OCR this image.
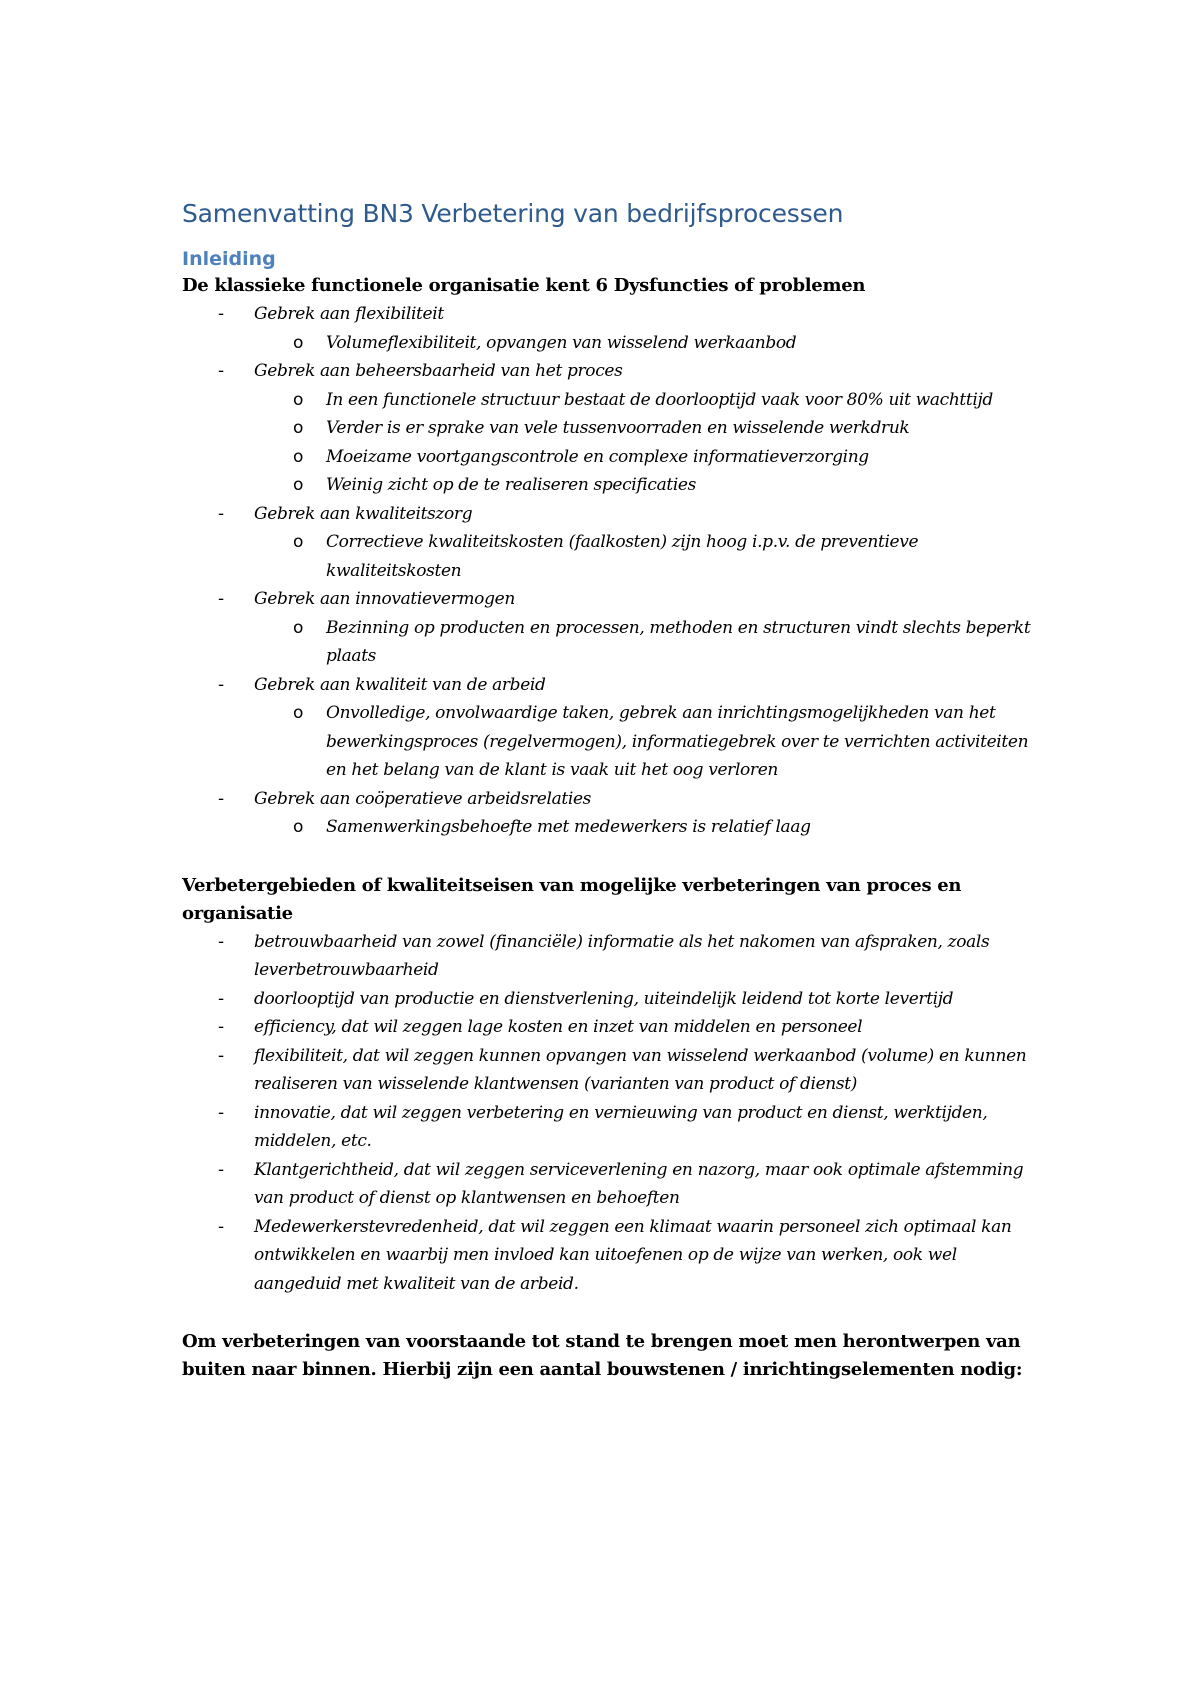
Samenvatting BN3 Verbetering van bedrijfsprocessen
Inleiding

De klassieke functionele organisatie kent 6 Dysfuncties of problemen

- Gebrek aan flexibiliteit
o Volumeflexibiliteit, opvangen van wisselend werkaanbod
- Gebrek aan beheersbaarheid van het proces
o In een functionele structuur bestaat de doorlooptijd vaak voor 80% uit wachttijd
o Verder is er sprake van vele tussenvoorraden en wisselende werkdruk
o Moeizame voortgangscontrole en complexe informatieverzorging
o Weinig zicht op de te realiseren specificaties
- Gebrek aan kwaliteitszorg
o Correctieve kwaliteitskosten (faalkosten) zijn hoog i.p.v. de preventieve kwaliteitskosten
- Gebrek aan innovatievermogen
o Bezinning op producten en processen, methoden en structuren vindt slechts beperkt plaats
- Gebrek aan kwaliteit van de arbeid
o Onvolledige, onvolwaardige taken, gebrek aan inrichtingsmogelijkheden van het bewerkingsproces (regelvermogen), informatiegebrek over te verrichten activiteiten en het belang van de klant is vaak uit het oog verloren
- Gebrek aan coöperatieve arbeidsrelaties
o Samenwerkingsbehoefte met medewerkers is relatief laag

Verbetergebieden of kwaliteitseisen van mogelijke verbeteringen van proces en organisatie

- betrouwbaarheid van zowel (financiële) informatie als het nakomen van afspraken, zoals leverbetrouwbaarheid
- doorlooptijd van productie en dienstverlening, uiteindelijk leidend tot korte levertijd
- efficiency, dat wil zeggen lage kosten en inzet van middelen en personeel
- flexibiliteit, dat wil zeggen kunnen opvangen van wisselend werkaanbod (volume) en kunnen realiseren van wisselende klantwensen (varianten van product of dienst)
- innovatie, dat wil zeggen verbetering en vernieuwing van product en dienst, werktijden, middelen, etc.
- Klantgerichtheid, dat wil zeggen serviceverlening en nazorg, maar ook optimale afstemming van product of dienst op klantwensen en behoeften
- Medewerkerstevredenheid, dat wil zeggen een klimaat waarin personeel zich optimaal kan ontwikkelen en waarbij men invloed kan uitoefenen op de wijze van werken, ook wel aangeduid met kwaliteit van de arbeid.

Om verbeteringen van voorstaande tot stand te brengen moet men herontwerpen van buiten naar binnen. Hierbij zijn een aantal bouwstenen / inrichtingselementen nodig:
